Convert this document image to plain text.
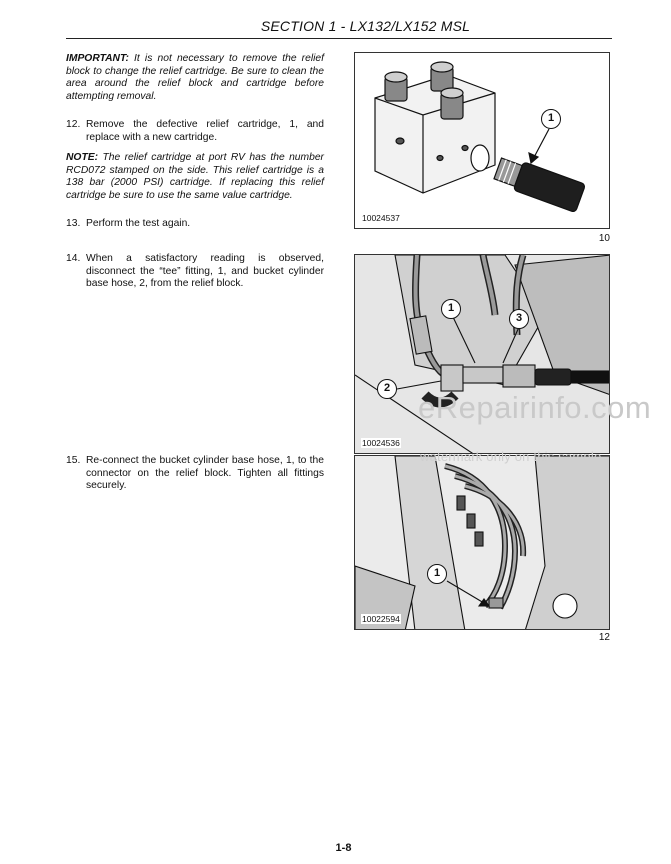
SECTION 1 - LX132/LX152 MSL

IMPORTANT: It is not necessary to remove the relief block to change the relief cartridge. Be sure to clean the area around the relief block and cartridge before attempting removal.

12. Remove the defective relief cartridge, 1, and replace with a new cartridge.

NOTE: The relief cartridge at port RV has the number RCD072 stamped on the side. This relief cartridge is a 138 bar (2000 PSI) cartridge. If replacing this relief cartridge be sure to use the same value cartridge.

13. Perform the test again.
14. When a satisfactory reading is observed, disconnect the “tee” fitting, 1, and bucket cylinder base hose, 2, from the relief block.
15. Re-connect the bucket cylinder base hose, 1, to the connector on the relief block. Tighten all fittings securely.
1
10024537
10
1
2
3
10024536
1
10022594
12
eRepairinfo.com
watermark only on this sample
1-8
